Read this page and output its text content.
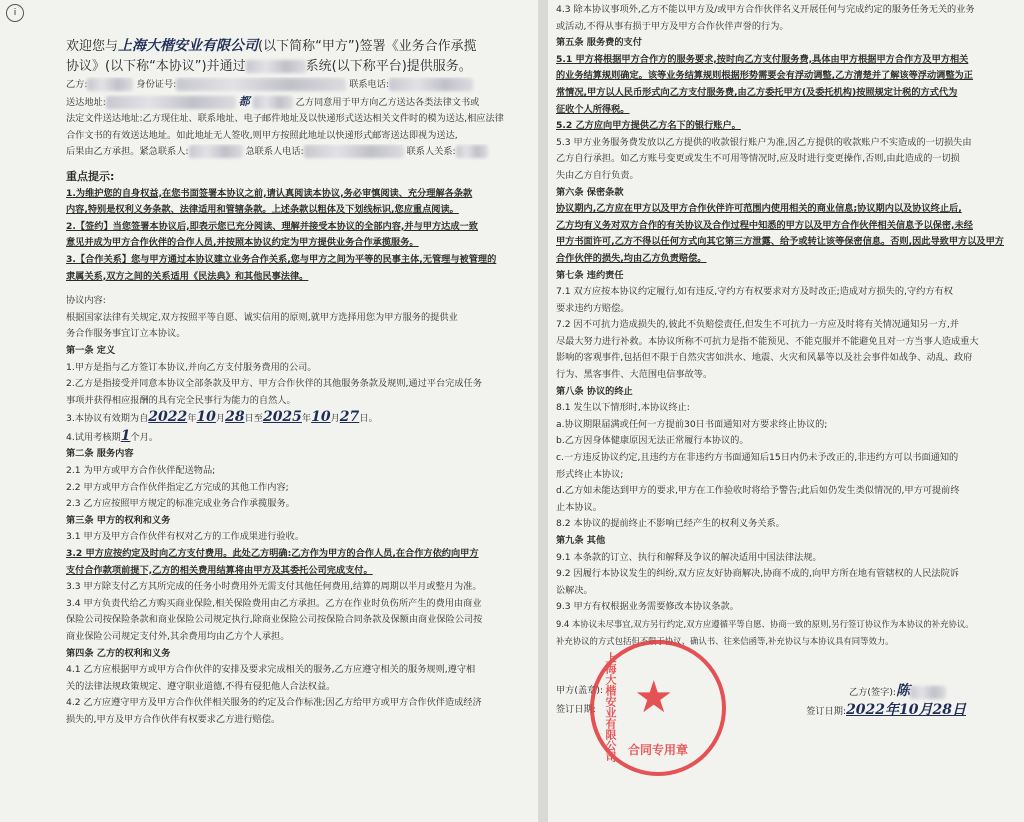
i
欢迎您与上海大楷安业有限公司(以下简称“甲方”)签署《业务合作承揽
协议》(以下称“本协议”)并通过	系统(以下称平台)提供服务。
乙方:	身份证号:	联系电话:
送达地址:	都	乙方同意用于甲方向乙方送达各类法律文书或
法定文件送达地址:乙方现住址、联系地址、电子邮件地址及以快递形式送达相关文件时的模为送达,相应法律
合作文书的有效送达地址。如此地址无人签收,则甲方按照此地址以快递形式邮寄送达即视为送达,
后果由乙方承担。紧急联系人:	急联系人电话:	联系人关系:
重点提示:
1.为维护您的自身权益,在您书面签署本协议之前,请认真阅读本协议,务必审慎阅读、充分理解各条款
内容,特别是权利义务条款、法律适用和管辖条款。上述条款以粗体及下划线标识,您应重点阅读。
2.【签约】当您签署本协议后,即表示您已充分阅读、理解并接受本协议的全部内容,并与甲方达成一致
意见并成为甲方合作伙伴的合作人员,并按照本协议约定为甲方提供业务合作承揽服务。
3.【合作关系】您与甲方通过本协议建立业务合作关系,您与甲方之间为平等的民事主体,无管理与被管理的
隶属关系,双方之间的关系适用《民法典》和其他民事法律。
协议内容:
根据国家法律有关规定,双方按照平等自愿、诚实信用的原则,就甲方选择用您为甲方服务的提供业
务合作服务事宜订立本协议。
第一条 定义
1.甲方是指与乙方签订本协议,并向乙方支付服务费用的公司。
2.乙方是指接受并同意本协议全部条款及甲方、甲方合作伙伴的其他服务条款及规则,通过平台完成任务
事项并获得相应报酬的具有完全民事行为能力的自然人。
3.本协议有效期为自2022年10月28日至2025年10月27日。
4.试用考核期1个月。
第二条 服务内容
2.1 为甲方或甲方合作伙伴配送物品;
2.2 甲方或甲方合作伙伴指定乙方完成的其他工作内容;
2.3 乙方应按照甲方规定的标准完成业务合作承揽服务。
第三条 甲方的权利和义务
3.1 甲方及甲方合作伙伴有权对乙方的工作成果进行验收。
3.2 甲方应按约定及时向乙方支付费用。此处乙方明确:乙方作为甲方的合作人员,在合作方依约向甲方
支付合作款项前提下,乙方的相关费用结算将由甲方及其委托公司完成支付。
3.3 甲方除支付乙方其所完成的任务小时费用外无需支付其他任何费用,结算的周期以半月或整月为准。
3.4 甲方负责代给乙方购买商业保险,相关保险费用由乙方承担。乙方在作业时负伤所产生的费用由商业
保险公司按保险条款和商业保险公司规定执行,除商业保险公司按保险合同条款及保额由商业保险公司按
商业保险公司规定支付外,其余费用均由乙方个人承担。
第四条 乙方的权利和义务
4.1 乙方应根据甲方或甲方合作伙伴的安排及要求完成相关的服务,乙方应遵守相关的服务规则,遵守相
关的法律法规政策规定、遵守职业道德,不得有侵犯他人合法权益。
4.2 乙方应遵守甲方及甲方合作伙伴相关服务的约定及合作标准;因乙方给甲方或甲方合作伙伴造成经济
损失的,甲方及甲方合作伙伴有权要求乙方进行赔偿。
4.3 除本协议事项外,乙方不能以甲方及/或甲方合作伙伴名义开展任何与完成约定的服务任务无关的业务
或活动,不得从事有损于甲方及甲方合作伙伴声誉的行为。
第五条 服务费的支付
5.1 甲方将根据甲方合作方的服务要求,按时向乙方支付服务费,具体由甲方根据甲方合作方及甲方相关
的业务结算规则确定。该等业务结算规则根据形势需要会有浮动调整,乙方清楚并了解该等浮动调整为正
常情况,甲方以人民币形式向乙方支付服务费,由乙方委托甲方(及委托机构)按照规定计税的方式代为
征收个人所得税。
5.2 乙方应向甲方提供乙方名下的银行账户。
5.3 甲方业务服务费发放以乙方提供的收款银行账户为准,因乙方提供的收款账户不实造成的一切损失由
乙方自行承担。如乙方账号变更或发生不可用等情况时,应及时进行变更操作,否则,由此造成的一切损
失由乙方自行负责。
第六条 保密条款
协议期内,乙方应在甲方以及甲方合作伙伴许可范围内使用相关的商业信息;协议期内以及协议终止后,
乙方均有义务对双方合作的有关协议及合作过程中知悉的甲方以及甲方合作伙伴相关信息予以保密,未经
甲方书面许可,乙方不得以任何方式向其它第三方泄露、给予或转让该等保密信息。否则,因此导致甲方以及甲方
合作伙伴的损失,均由乙方负责赔偿。
第七条 违约责任
7.1 双方应按本协议约定履行,如有违反,守约方有权要求对方及时改正;造成对方损失的,守约方有权
要求违约方赔偿。
7.2 因不可抗力造成损失的,彼此不负赔偿责任,但发生不可抗力一方应及时将有关情况通知另一方,并
尽最大努力进行补救。本协议所称不可抗力是指不能预见、不能克服并不能避免且对一方当事人造成重大
影响的客观事件,包括但不限于自然灾害如洪水、地震、火灾和风暴等以及社会事件如战争、动乱、政府
行为、黑客事件、大范围电信事故等。
第八条 协议的终止
8.1 发生以下情形时,本协议终止:
a.协议期限届满或任何一方提前30日书面通知对方要求终止协议的;
b.乙方因身体健康原因无法正常履行本协议的。
c.一方违反协议约定,且违约方在非违约方书面通知后15日内仍未予改正的,非违约方可以书面通知的
形式终止本协议;
d.乙方如未能达到甲方的要求,甲方在工作验收时将给予警告;此后如仍发生类似情况的,甲方可提前终
止本协议。
8.2 本协议的提前终止不影响已经产生的权利义务关系。
第九条 其他
9.1 本条款的订立、执行和解释及争议的解决适用中国法律法规。
9.2 因履行本协议发生的纠纷,双方应友好协商解决,协商不成的,向甲方所在地有管辖权的人民法院诉
讼解决。
9.3 甲方有权根据业务需要修改本协议条款。
9.4 本协议未尽事宜,双方另行约定,双方应遵循平等自愿、协商一致的原则,另行签订协议作为本协议的补充协议。
补充协议的方式包括但不限于协议、确认书、往来信函等,补充协议与本协议具有同等效力。
甲方(盖章):	乙方(签字):陈
签订日期:	签订日期:2022年10月28日
上海大楷安业有限公司 ★
合同专用章
